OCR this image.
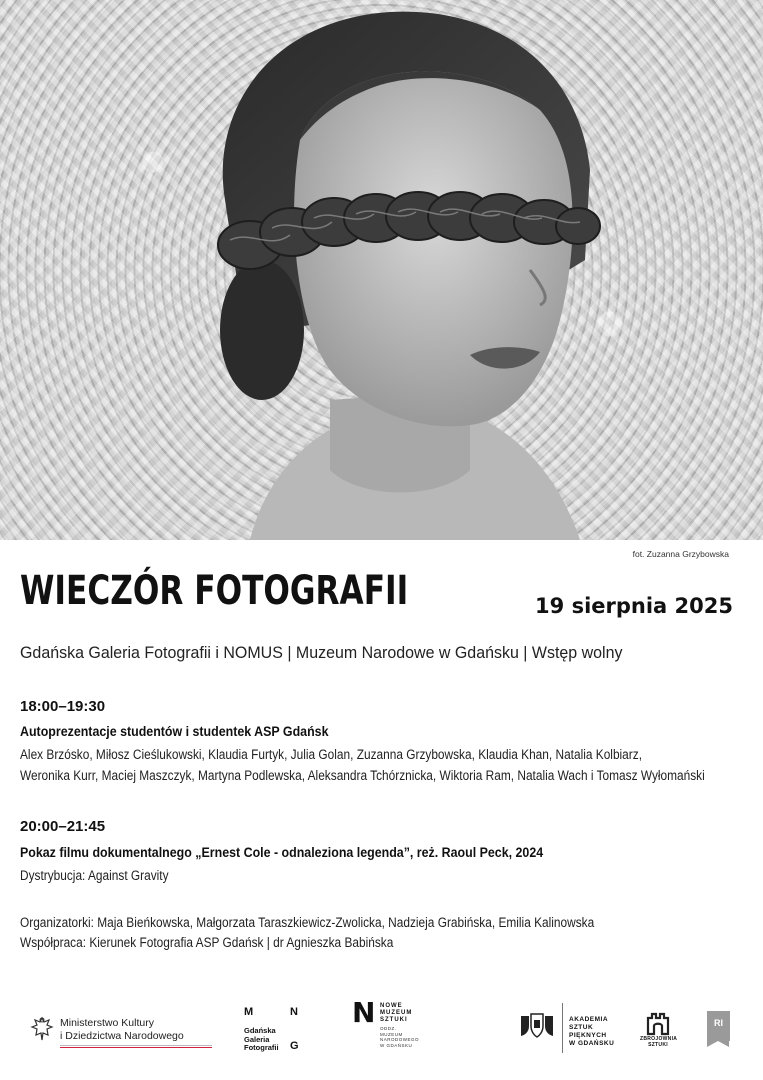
fot. Zuzanna Grzybowska
WIECZÓR FOTOGRAFII	19 sierpnia 2025
Gdańska Galeria Fotografii i NOMUS | Muzeum Narodowe w Gdańsku | Wstęp wolny
18:00–19:30
Autoprezentacje studentów i studentek ASP Gdańsk
Alex Brzósko, Miłosz Cieślukowski, Klaudia Furtyk, Julia Golan, Zuzanna Grzybowska, Klaudia Khan, Natalia Kolbiarz,
Weronika Kurr, Maciej Maszczyk, Martyna Podlewska, Aleksandra Tchórznicka, Wiktoria Ram, Natalia Wach i Tomasz Wyłomański
20:00–21:45
Pokaz filmu dokumentalnego „Ernest Cole - odnaleziona legenda”, reż. Raoul Peck, 2024
Dystrybucja: Against Gravity
Organizatorki: Maja Bieńkowska, Małgorzata Taraszkiewicz-Zwolicka, Nadzieja Grabińska, Emilia Kalinowska
Współpraca: Kierunek Fotografia ASP Gdańsk | dr Agnieszka Babińska
Ministerstwo Kultury
i Dziedzictwa Narodowego
M	N
Gdańska
Galeria
Fotografii G
N NOWE
MUZEUM
SZTUKI
ODDZ.
MUZEUM
NARODOWEGO
W GDAŃSKU
AKADEMIA
SZTUK
PIĘKNYCH
W GDAŃSKU
ZBROJOWNIA
SZTUKI
RI
